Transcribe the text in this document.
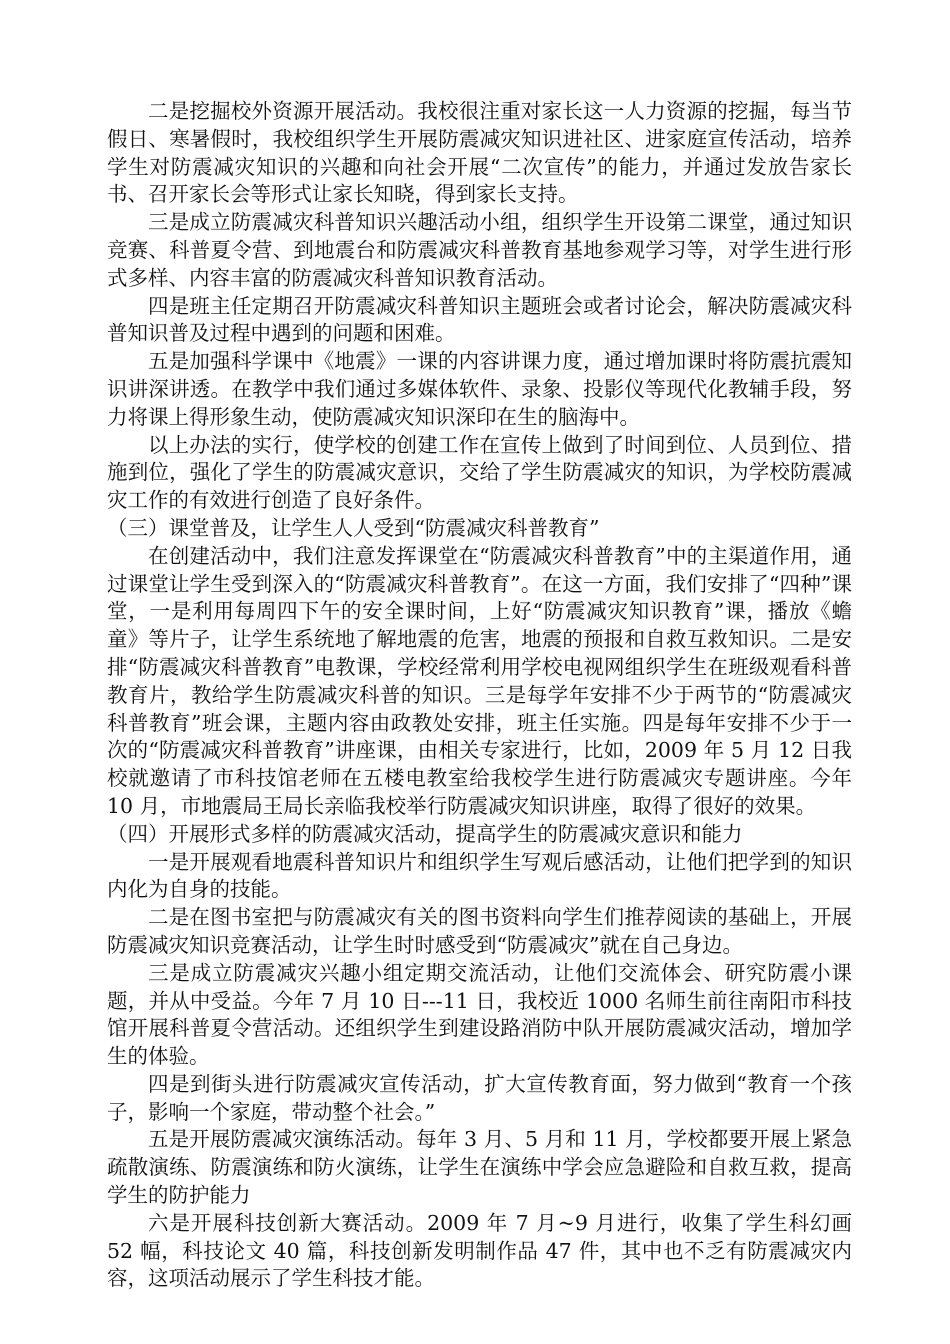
二是挖掘校外资源开展活动。我校很注重对家长这一人力资源的挖掘，每当节假日、寒暑假时，我校组织学生开展防震减灾知识进社区、进家庭宣传活动，培养学生对防震减灾知识的兴趣和向社会开展“二次宣传”的能力，并通过发放告家长书、召开家长会等形式让家长知晓，得到家长支持。

三是成立防震减灾科普知识兴趣活动小组，组织学生开设第二课堂，通过知识竞赛、科普夏令营、到地震台和防震减灾科普教育基地参观学习等，对学生进行形式多样、内容丰富的防震减灾科普知识教育活动。

四是班主任定期召开防震减灾科普知识主题班会或者讨论会，解决防震减灾科普知识普及过程中遇到的问题和困难。

五是加强科学课中《地震》一课的内容讲课力度，通过增加课时将防震抗震知识讲深讲透。在教学中我们通过多媒体软件、录象、投影仪等现代化教辅手段，努力将课上得形象生动，使防震减灾知识深印在生的脑海中。

以上办法的实行，使学校的创建工作在宣传上做到了时间到位、人员到位、措施到位，强化了学生的防震减灾意识，交给了学生防震减灾的知识，为学校防震减灾工作的有效进行创造了良好条件。

（三）课堂普及，让学生人人受到“防震减灾科普教育”

在创建活动中，我们注意发挥课堂在“防震减灾科普教育”中的主渠道作用，通过课堂让学生受到深入的“防震减灾科普教育”。在这一方面，我们安排了“四种”课堂，一是利用每周四下午的安全课时间，上好“防震减灾知识教育”课，播放《蟾童》等片子，让学生系统地了解地震的危害，地震的预报和自救互救知识。二是安排“防震减灾科普教育”电教课，学校经常利用学校电视网组织学生在班级观看科普教育片，教给学生防震减灾科普的知识。三是每学年安排不少于两节的“防震减灾科普教育”班会课，主题内容由政教处安排，班主任实施。四是每年安排不少于一次的“防震减灾科普教育”讲座课，由相关专家进行，比如，2009 年 5 月 12 日我校就邀请了市科技馆老师在五楼电教室给我校学生进行防震减灾专题讲座。今年 10 月，市地震局王局长亲临我校举行防震减灾知识讲座，取得了很好的效果。

（四）开展形式多样的防震减灾活动，提高学生的防震减灾意识和能力

一是开展观看地震科普知识片和组织学生写观后感活动，让他们把学到的知识内化为自身的技能。

二是在图书室把与防震减灾有关的图书资料向学生们推荐阅读的基础上，开展防震减灾知识竞赛活动，让学生时时感受到“防震减灾”就在自己身边。

三是成立防震减灾兴趣小组定期交流活动，让他们交流体会、研究防震小课题，并从中受益。今年 7 月 10 日---11 日，我校近 1000 名师生前往南阳市科技馆开展科普夏令营活动。还组织学生到建设路消防中队开展防震减灾活动，增加学生的体验。

四是到街头进行防震减灾宣传活动，扩大宣传教育面，努力做到“教育一个孩子，影响一个家庭，带动整个社会。”

五是开展防震减灾演练活动。每年 3 月、5 月和 11 月，学校都要开展上紧急疏散演练、防震演练和防火演练，让学生在演练中学会应急避险和自救互救，提高学生的防护能力

六是开展科技创新大赛活动。2009 年 7 月~9 月进行，收集了学生科幻画 52 幅，科技论文 40 篇，科技创新发明制作品 47 件，其中也不乏有防震减灾内容，这项活动展示了学生科技才能。
